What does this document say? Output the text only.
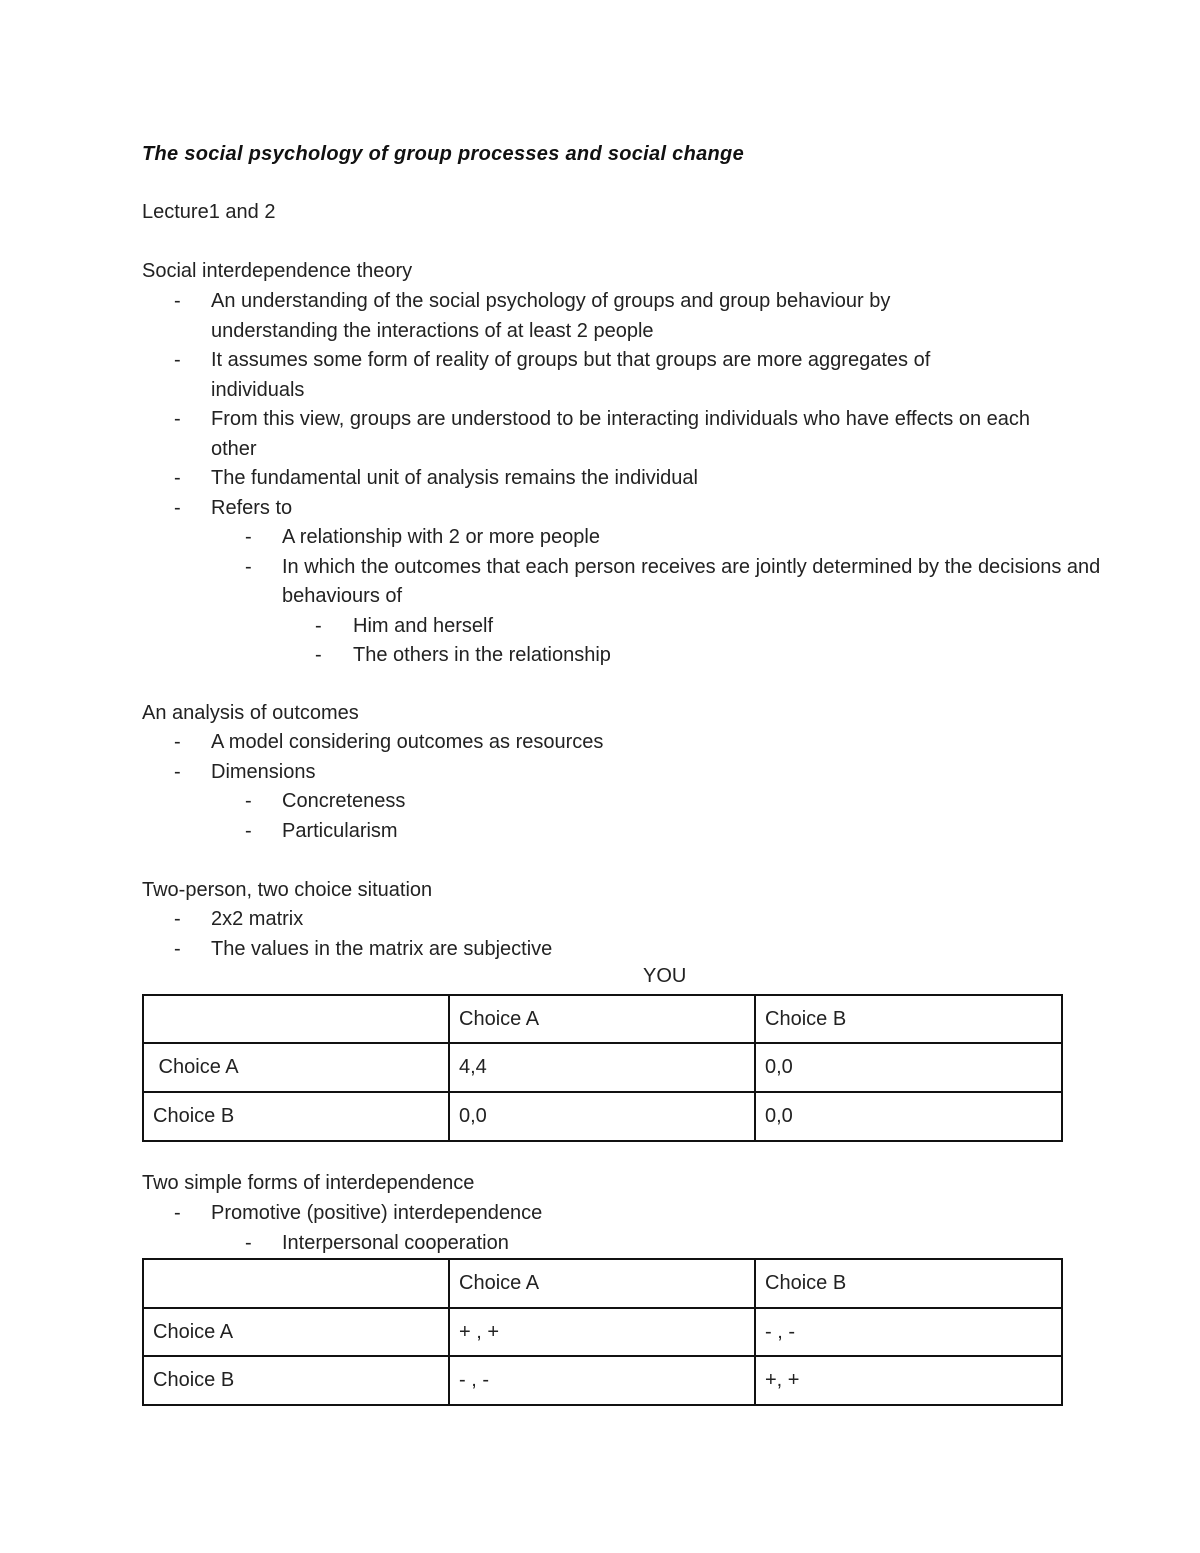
The social psychology of group processes and social change
Lecture1 and 2
Social interdependence theory
-	An understanding of the social psychology of groups and group behaviour by understanding the interactions of at least 2 people
-	It assumes some form of reality of groups but that groups are more aggregates of individuals
-	From this view, groups are understood to be interacting individuals who have effects on each other
-	The fundamental unit of analysis remains the individual
-	Refers to
-	A relationship with 2 or more people
-	In which the outcomes that each person receives are jointly determined by the decisions and behaviours of
-	Him and herself
-	The others in the relationship
An analysis of outcomes
-	A model considering outcomes as resources
-	Dimensions
-	Concreteness
-	Particularism
Two-person, two choice situation
-	2x2 matrix
-	The values in the matrix are subjective
YOU
	Choice A	Choice B
Choice A	4,4	0,0
Choice B	0,0	0,0
Two simple forms of interdependence
-	Promotive (positive) interdependence
-	Interpersonal cooperation
	Choice A	Choice B
Choice A	+ , +	- , -
Choice B	- , -	+, +
